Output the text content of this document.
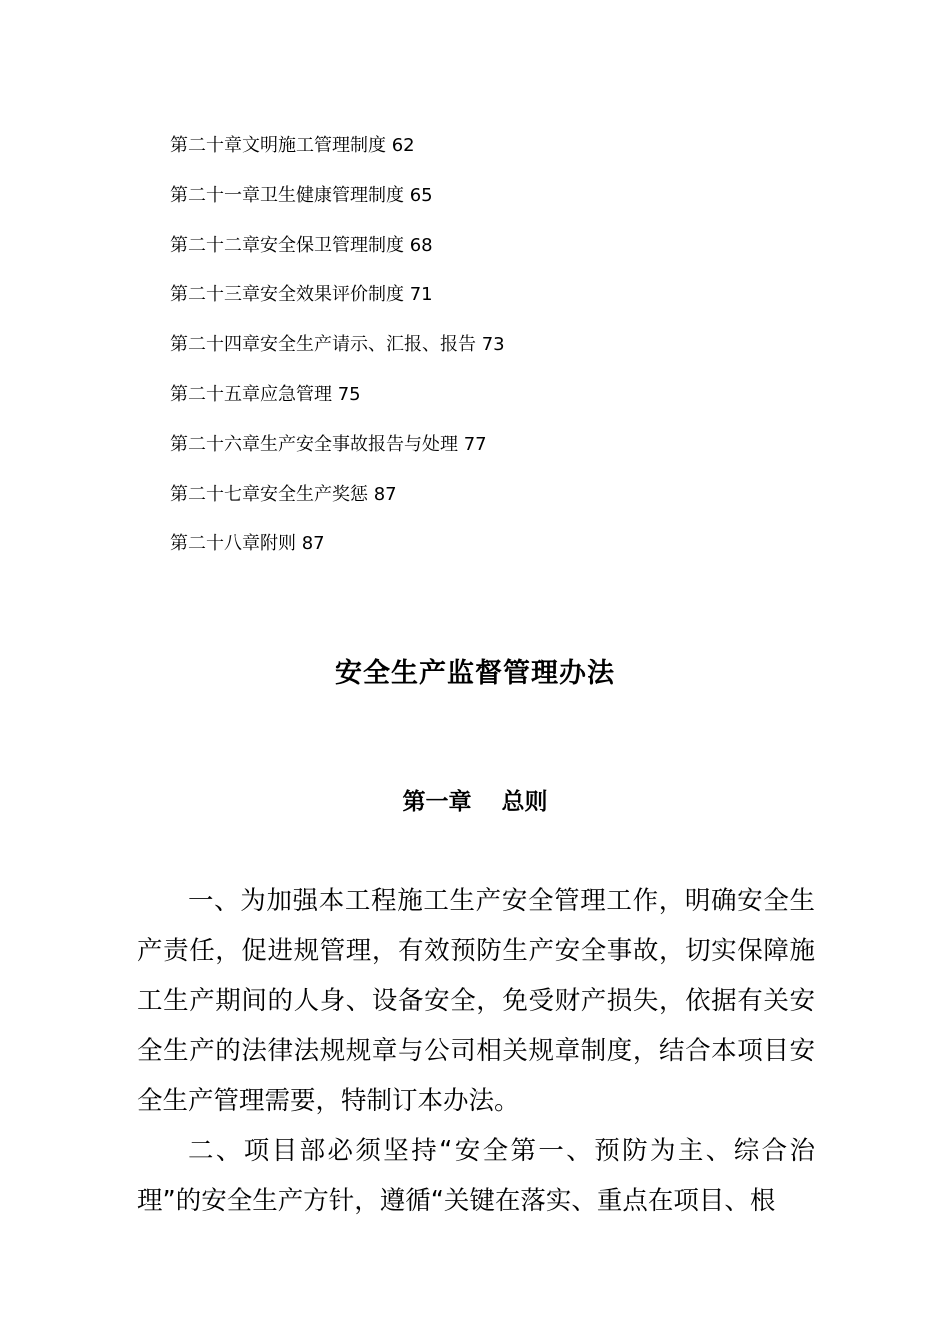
第二十章文明施工管理制度 62
第二十一章卫生健康管理制度 65
第二十二章安全保卫管理制度 68
第二十三章安全效果评价制度 71
第二十四章安全生产请示、汇报、报告 73
第二十五章应急管理 75
第二十六章生产安全事故报告与处理 77
第二十七章安全生产奖惩 87
第二十八章附则 87
安全生产监督管理办法
第一章 总则

一、为加强本工程施工生产安全管理工作，明确安全生产责任，促进规管理，有效预防生产安全事故，切实保障施工生产期间的人身、设备安全，免受财产损失，依据有关安全生产的法律法规规章与公司相关规章制度，结合本项目安全生产管理需要，特制订本办法。

二、项目部必须坚持“安全第一、预防为主、综合治理”的安全生产方针，遵循“关键在落实、重点在项目、根
